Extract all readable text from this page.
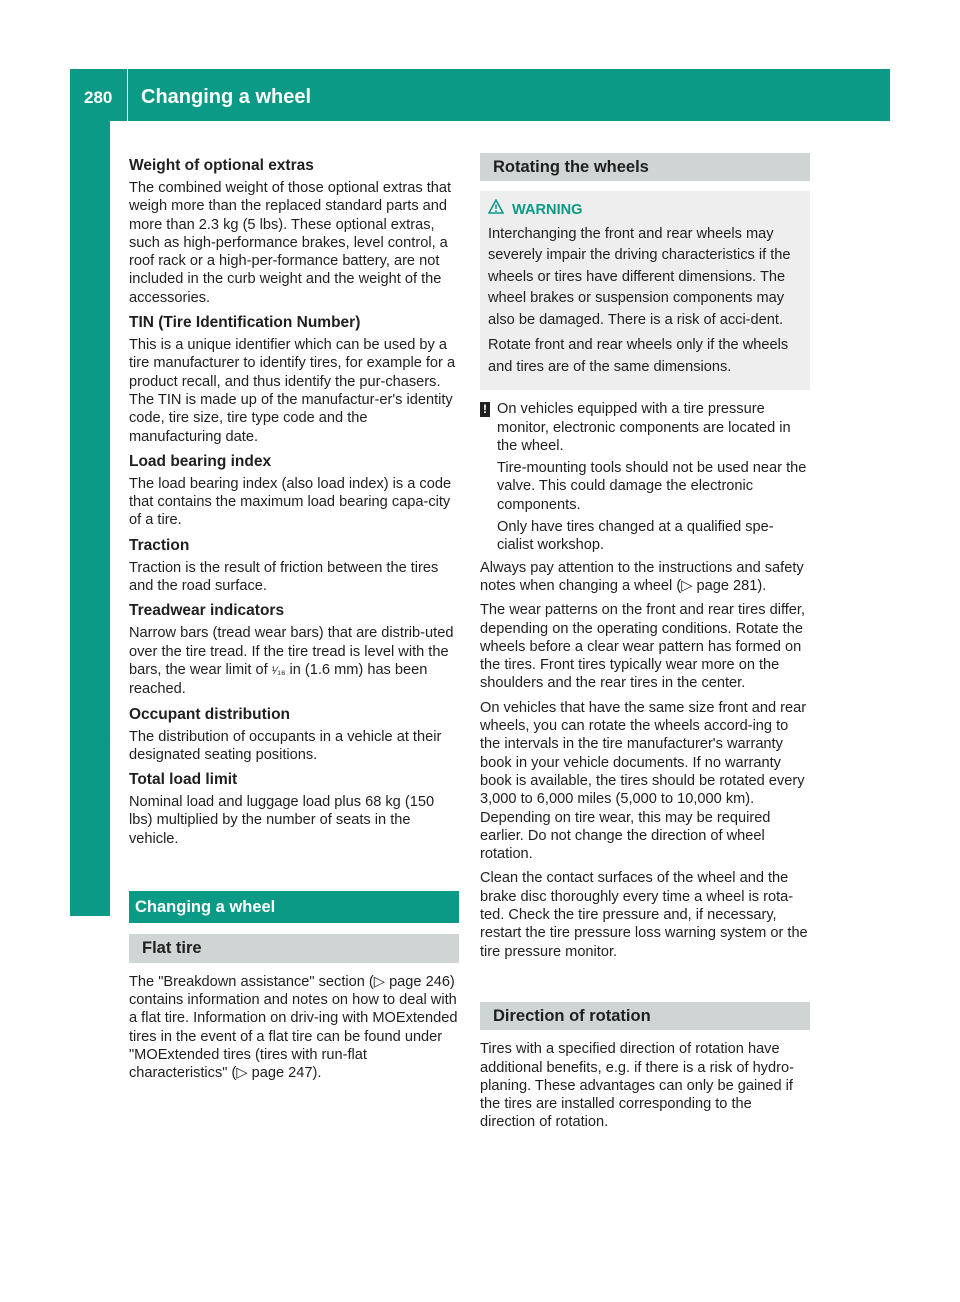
280 Changing a wheel
Wheels and tires
Weight of optional extras

The combined weight of those optional extras that weigh more than the replaced standard parts and more than 2.3 kg (5 lbs). These optional extras, such as high-performance brakes, level control, a roof rack or a high-per-formance battery, are not included in the curb weight and the weight of the accessories.

TIN (Tire Identification Number)

This is a unique identifier which can be used by a tire manufacturer to identify tires, for example for a product recall, and thus identify the pur-chasers. The TIN is made up of the manufactur-er's identity code, tire size, tire type code and the manufacturing date.

Load bearing index

The load bearing index (also load index) is a code that contains the maximum load bearing capa-city of a tire.

Traction

Traction is the result of friction between the tires and the road surface.

Treadwear indicators

Narrow bars (tread wear bars) that are distrib-uted over the tire tread. If the tire tread is level with the bars, the wear limit of ¹⁄₁₆ in (1.6 mm) has been reached.

Occupant distribution

The distribution of occupants in a vehicle at their designated seating positions.

Total load limit

Nominal load and luggage load plus 68 kg (150 lbs) multiplied by the number of seats in the vehicle.

Changing a wheel
Flat tire

The "Breakdown assistance" section (▷ page 246) contains information and notes on how to deal with a flat tire. Information on driv-ing with MOExtended tires in the event of a flat tire can be found under "MOExtended tires (tires with run-flat characteristics" (▷ page 247).

Rotating the wheels
WARNING

Interchanging the front and rear wheels may severely impair the driving characteristics if the wheels or tires have different dimensions. The wheel brakes or suspension components may also be damaged. There is a risk of acci-dent.

Rotate front and rear wheels only if the wheels and tires are of the same dimensions.

! On vehicles equipped with a tire pressure monitor, electronic components are located in the wheel.

Tire-mounting tools should not be used near the valve. This could damage the electronic components.

Only have tires changed at a qualified spe-cialist workshop.

Always pay attention to the instructions and safety notes when changing a wheel (▷ page 281).

The wear patterns on the front and rear tires differ, depending on the operating conditions. Rotate the wheels before a clear wear pattern has formed on the tires. Front tires typically wear more on the shoulders and the rear tires in the center.

On vehicles that have the same size front and rear wheels, you can rotate the wheels accord-ing to the intervals in the tire manufacturer's warranty book in your vehicle documents. If no warranty book is available, the tires should be rotated every 3,000 to 6,000 miles (5,000 to 10,000 km). Depending on tire wear, this may be required earlier. Do not change the direction of wheel rotation.

Clean the contact surfaces of the wheel and the brake disc thoroughly every time a wheel is rota-ted. Check the tire pressure and, if necessary, restart the tire pressure loss warning system or the tire pressure monitor.

Direction of rotation

Tires with a specified direction of rotation have additional benefits, e.g. if there is a risk of hydro-planing. These advantages can only be gained if the tires are installed corresponding to the direction of rotation.
